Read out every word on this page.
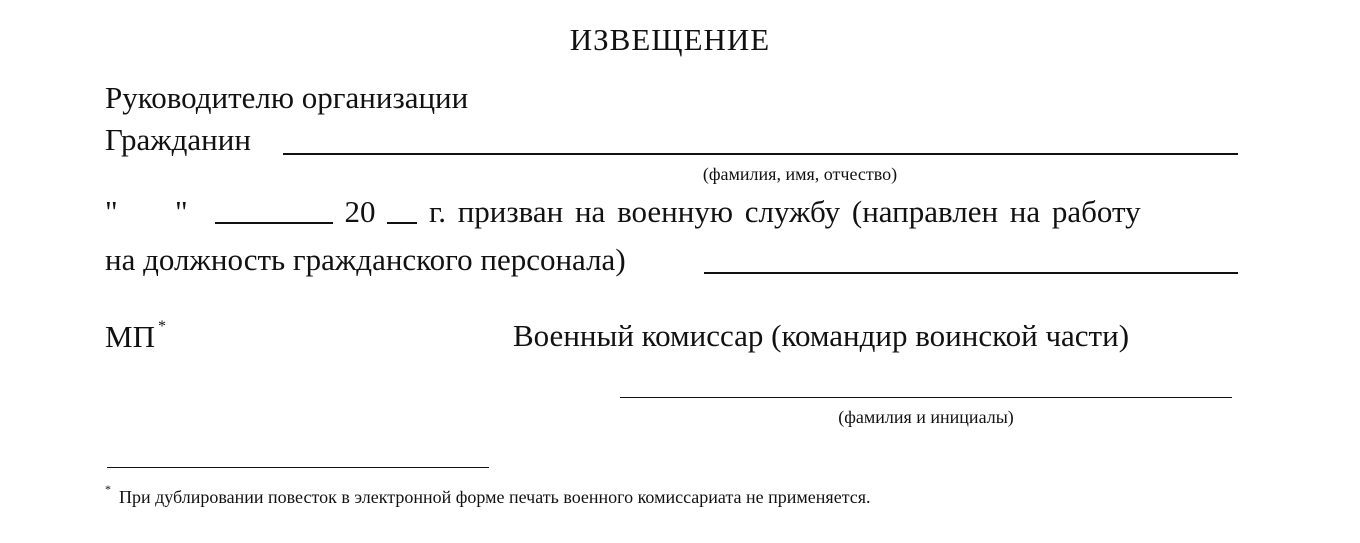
ИЗВЕЩЕНИЕ
Руководителю организации
Гражданин
(фамилия, имя, отчество)
" "	20 г. призван на военную службу (направлен на работу
на должность гражданского персонала)
МП *	Военный комиссар (командир воинской части)
(фамилия и инициалы)
* При дублировании повесток в электронной форме печать военного комиссариата не применяется.
